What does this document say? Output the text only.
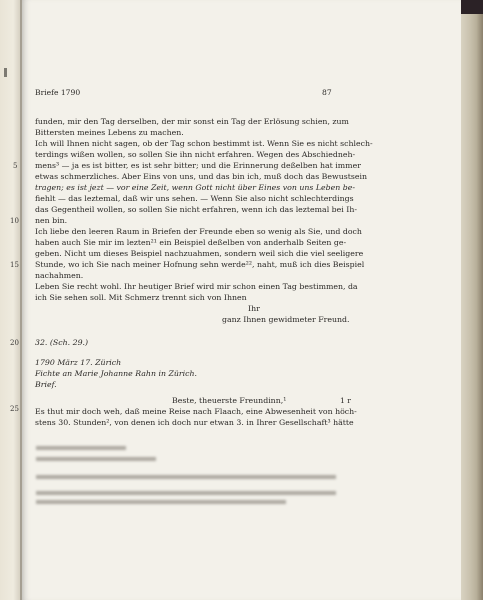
Briefe 1790	87
funden, mir den Tag derselben, der mir sonst ein Tag der Erlösung schien, zum
Bittersten meines Lebens zu machen.
Ich will Ihnen nicht sagen, ob der Tag schon bestimmt ist. Wenn Sie es nicht schlech-
terdings wißen wollen, so sollen Sie ihn nicht erfahren. Wegen des Abschiedneh-
mens³ — ja es ist bitter, es ist sehr bitter; und die Erinnerung deßelben hat immer
etwas schmerzliches. Aber Eins von uns, und das bin ich, muß doch das Bewustsein
tragen; es ist jezt — vor eine Zeit, wenn Gott nicht über Eines von uns Leben be-
fiehlt — das leztemal, daß wir uns sehen. — Wenn Sie also nicht schlechterdings
das Gegentheil wollen, so sollen Sie nicht erfahren, wenn ich das leztemal bei Ih-
nen bin.
Ich liebe den leeren Raum in Briefen der Freunde eben so wenig als Sie, und doch
haben auch Sie mir im lezten²¹ ein Beispiel deßelben von anderhalb Seiten ge-
geben. Nicht um dieses Beispiel nachzuahmen, sondern weil sich die viel seeligere
Stunde, wo ich Sie nach meiner Hofnung sehn werde²², naht, muß ich dies Beispiel
nachahmen.
Leben Sie recht wohl. Ihr heutiger Brief wird mir schon einen Tag bestimmen, da
ich Sie sehen soll. Mit Schmerz trennt sich von Ihnen
Ihr
ganz Ihnen gewidmeter Freund.
5
10
15
20
25
32. (Sch. 29.)
1790 März 17. Zürich
Fichte an Marie Johanne Rahn in Zürich.
Brief.
Beste, theuerste Freundinn,¹	1 r
Es thut mir doch weh, daß meine Reise nach Flaach, eine Abwesenheit von höch-
stens 30. Stunden², von denen ich doch nur etwan 3. in Ihrer Gesellschaft³ hätte
